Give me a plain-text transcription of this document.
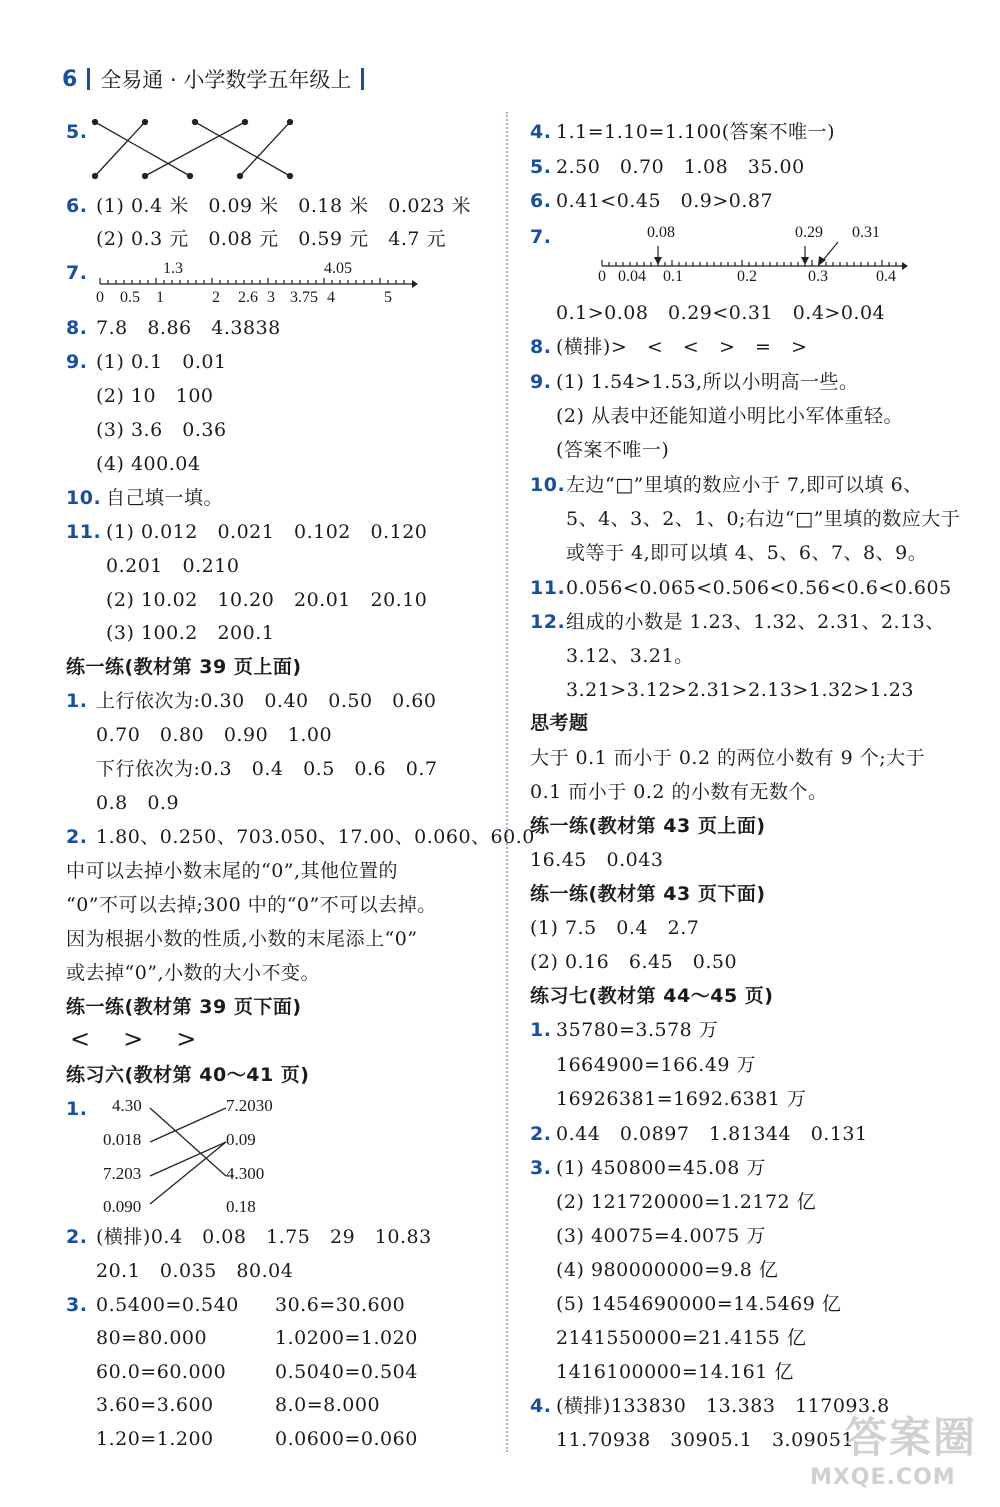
6 全易通 · 小学数学五年级上
5.
6. (1) 0.4 米   0.09 米   0.18 米   0.023 米
(2) 0.3 元   0.08 元   0.59 元   4.7 元
7.	1.3	4.05
0 0.5 1	2 2.6 3 3.75 4	5
8. 7.8   8.86   4.3838
9. (1) 0.1   0.01
(2) 10   100
(3) 3.6   0.36
(4) 400.04
10. 自己填一填。
11. (1) 0.012   0.021   0.102   0.120
0.201   0.210
(2) 10.02   10.20   20.01   20.10
(3) 100.2   200.1
练一练(教材第 39 页上面)
1. 上行依次为:0.30   0.40   0.50   0.60
0.70   0.80   0.90   1.00
下行依次为:0.3   0.4   0.5   0.6   0.7
0.8   0.9
2. 1.80、0.250、703.050、17.00、0.060、60.0
中可以去掉小数末尾的“0”,其他位置的
“0”不可以去掉;300 中的“0”不可以去掉。
因为根据小数的性质,小数的末尾添上“0”
或去掉“0”,小数的大小不变。
练一练(教材第 39 页下面)
<    >    >
练习六(教材第 40～41 页)
1. 4.30
0.018
7.203
0.090
7.2030
0.09
4.300
0.18
2. (横排)0.4   0.08   1.75   29   10.83
20.1   0.035   80.04
3. 0.5400=0.540 30.6=30.600
80=80.000	1.0200=1.020
60.0=60.000	0.5040=0.504
3.60=3.600	8.0=8.000
1.20=1.200	0.0600=0.060
4. 1.1=1.10=1.100(答案不唯一)
5. 2.50   0.70   1.08   35.00
6. 0.41<0.45   0.9>0.87
7.	0.08	0.29 0.31
0 0.04 0.1	0.2	0.3	0.4
0.1>0.08   0.29<0.31   0.4>0.04
8. (横排)>   <   <   >   =   >
9. (1) 1.54>1.53,所以小明高一些。
(2) 从表中还能知道小明比小军体重轻。
(答案不唯一)
10. 左边“□”里填的数应小于 7,即可以填 6、
5、4、3、2、1、0;右边“□”里填的数应大于
或等于 4,即可以填 4、5、6、7、8、9。
11. 0.056<0.065<0.506<0.56<0.6<0.605
12. 组成的小数是 1.23、1.32、2.31、2.13、
3.12、3.21。
3.21>3.12>2.31>2.13>1.32>1.23
思考题
大于 0.1 而小于 0.2 的两位小数有 9 个;大于
0.1 而小于 0.2 的小数有无数个。
练一练(教材第 43 页上面)
16.45   0.043
练一练(教材第 43 页下面)
(1) 7.5   0.4   2.7
(2) 0.16   6.45   0.50
练习七(教材第 44～45 页)
1. 35780=3.578 万
1664900=166.49 万
16926381=1692.6381 万
2. 0.44   0.0897   1.81344   0.131
3. (1) 450800=45.08 万
(2) 121720000=1.2172 亿
(3) 40075=4.0075 万
(4) 980000000=9.8 亿
(5) 1454690000=14.5469 亿
2141550000=21.4155 亿
1416100000=14.161 亿
4. (横排)133830   13.383   117093.8
11.70938   30905.1   3.09051
答案圈
MXQE.COM
